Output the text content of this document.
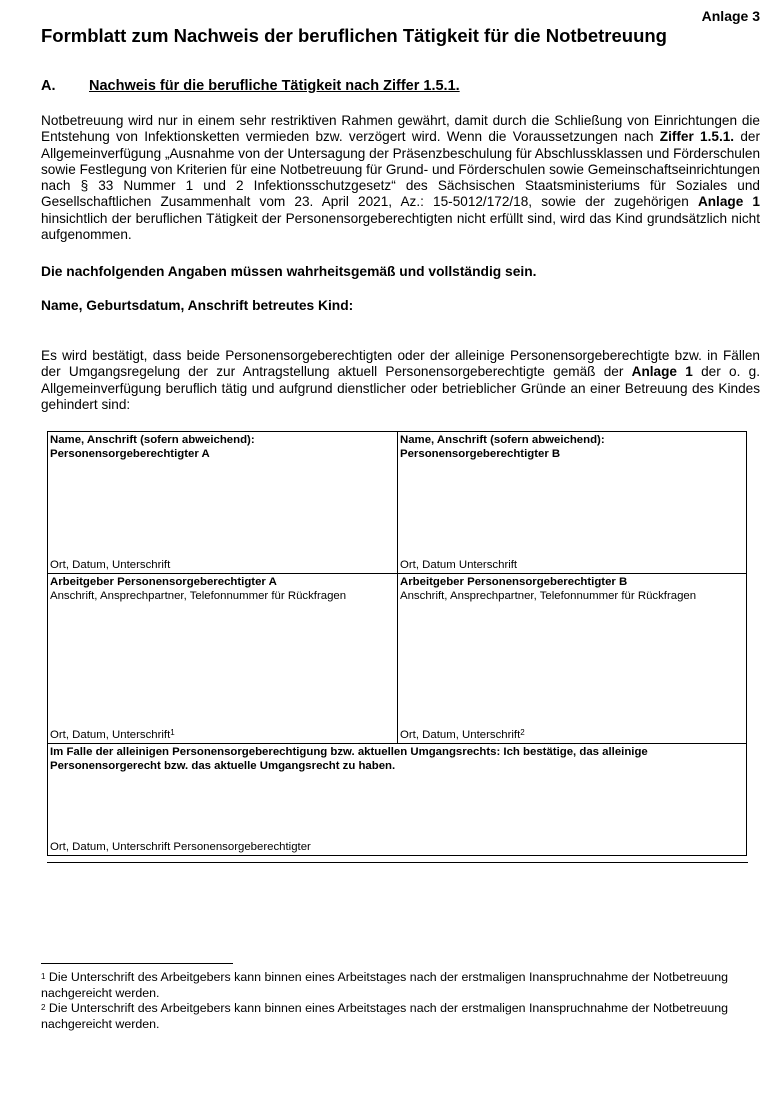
Anlage 3
Formblatt zum Nachweis der beruflichen Tätigkeit für die Notbetreuung
A. Nachweis für die berufliche Tätigkeit nach Ziffer 1.5.1.
Notbetreuung wird nur in einem sehr restriktiven Rahmen gewährt, damit durch die Schließung von Einrichtungen die Entstehung von Infektionsketten vermieden bzw. verzögert wird. Wenn die Voraussetzungen nach Ziffer 1.5.1. der Allgemeinverfügung „Ausnahme von der Untersagung der Präsenzbeschulung für Abschlussklassen und Förderschulen sowie Festlegung von Kriterien für eine Notbetreuung für Grund- und Förderschulen sowie Gemeinschaftseinrichtungen nach § 33 Nummer 1 und 2 Infektionsschutzgesetz“ des Sächsischen Staatsministeriums für Soziales und Gesellschaftlichen Zusammenhalt vom 23. April 2021, Az.: 15-5012/172/18, sowie der zugehörigen Anlage 1 hinsichtlich der beruflichen Tätigkeit der Personensorgeberechtigten nicht erfüllt sind, wird das Kind grundsätzlich nicht aufgenommen.
Die nachfolgenden Angaben müssen wahrheitsgemäß und vollständig sein.
Name, Geburtsdatum, Anschrift betreutes Kind:
Es wird bestätigt, dass beide Personensorgeberechtigten oder der alleinige Personensorgeberechtigte bzw. in Fällen der Umgangsregelung der zur Antragstellung aktuell Personensorgeberechtigte gemäß der Anlage 1 der o. g. Allgemeinverfügung beruflich tätig und aufgrund dienstlicher oder betrieblicher Gründe an einer Betreuung des Kindes gehindert sind:
Name, Anschrift (sofern abweichend):
Personensorgeberechtigter A
Ort, Datum, Unterschrift
Name, Anschrift (sofern abweichend):
Personensorgeberechtigter B
Ort, Datum Unterschrift
Arbeitgeber Personensorgeberechtigter A
Anschrift, Ansprechpartner, Telefonnummer für Rückfragen
Ort, Datum, Unterschrift$^1$
Arbeitgeber Personensorgeberechtigter B
Anschrift, Ansprechpartner, Telefonnummer für Rückfragen
Ort, Datum, Unterschrift$^2$
Im Falle der alleinigen Personensorgeberechtigung bzw. aktuellen Umgangsrechts: Ich bestätige, das alleinige Personensorgerecht bzw. das aktuelle Umgangsrecht zu haben.
Ort, Datum, Unterschrift Personensorgeberechtigter
$^1$ Die Unterschrift des Arbeitgebers kann binnen eines Arbeitstages nach der erstmaligen Inanspruchnahme der Notbetreuung nachgereicht werden.
$^2$ Die Unterschrift des Arbeitgebers kann binnen eines Arbeitstages nach der erstmaligen Inanspruchnahme der Notbetreuung nachgereicht werden.
